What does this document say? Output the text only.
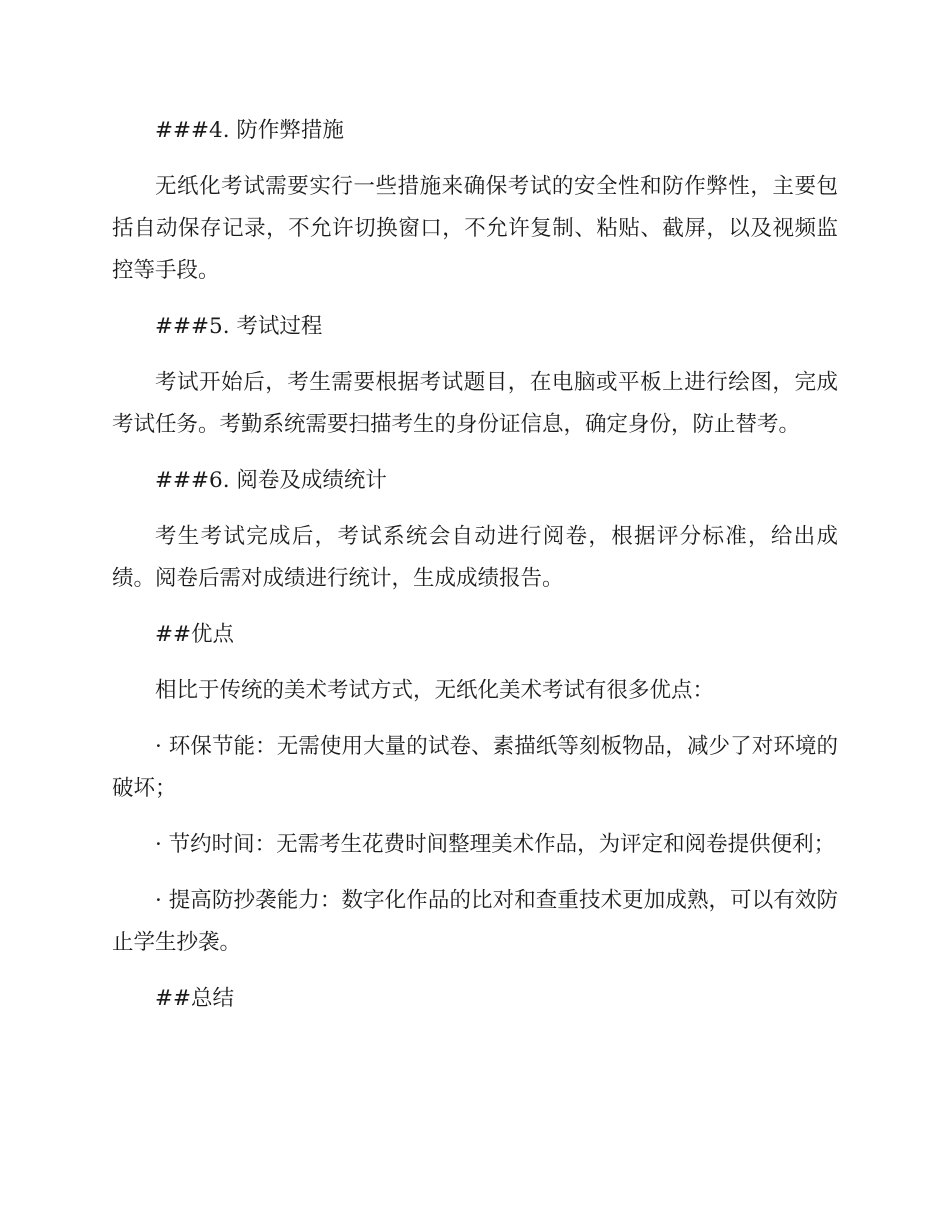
###4. 防作弊措施

无纸化考试需要实行一些措施来确保考试的安全性和防作弊性，主要包括自动保存记录，不允许切换窗口，不允许复制、粘贴、截屏，以及视频监控等手段。

###5. 考试过程

考试开始后，考生需要根据考试题目，在电脑或平板上进行绘图，完成考试任务。考勤系统需要扫描考生的身份证信息，确定身份，防止替考。

###6. 阅卷及成绩统计

考生考试完成后，考试系统会自动进行阅卷，根据评分标准，给出成绩。阅卷后需对成绩进行统计，生成成绩报告。

##优点

相比于传统的美术考试方式，无纸化美术考试有很多优点：

· 环保节能：无需使用大量的试卷、素描纸等刻板物品，减少了对环境的破坏；

· 节约时间：无需考生花费时间整理美术作品，为评定和阅卷提供便利；

· 提高防抄袭能力：数字化作品的比对和查重技术更加成熟，可以有效防止学生抄袭。

##总结
